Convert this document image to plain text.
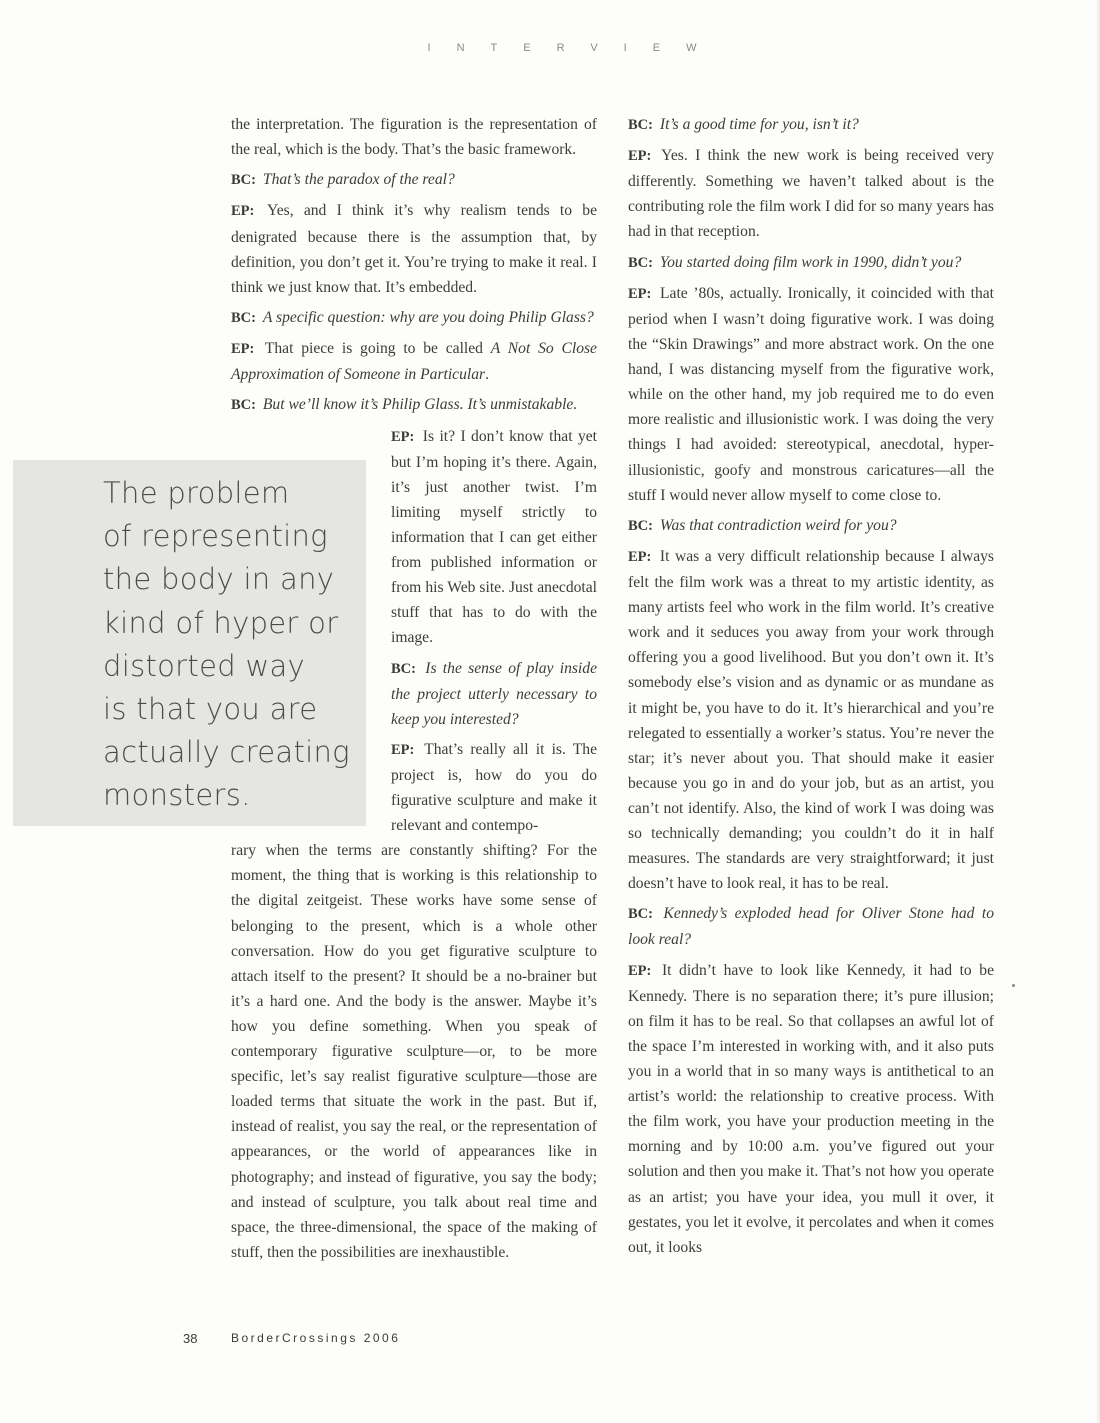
INTERVIEW

the interpretation. The figuration is the representation of the real, which is the body. That’s the basic framework.

BC: That’s the paradox of the real?

EP: Yes, and I think it’s why realism tends to be denigrated because there is the assumption that, by definition, you don’t get it. You’re trying to make it real. I think we just know that. It’s embedded.

BC: A specific question: why are you doing Philip Glass?

EP: That piece is going to be called A Not So Close Approximation of Someone in Particular.

BC: But we’ll know it’s Philip Glass. It’s unmistakable.

EP: Is it? I don’t know that yet but I’m hoping it’s there. Again, it’s just another twist. I’m limiting myself strictly to information that I can get either from published information or from his Web site. Just anecdotal stuff that has to do with the image.

BC: Is the sense of play inside the project utterly necessary to keep you interested?

EP: That’s really all it is. The project is, how do you do figurative sculpture and make it relevant and contempo-

rary when the terms are constantly shifting? For the moment, the thing that is working is this relationship to the digital zeitgeist. These works have some sense of belonging to the present, which is a whole other conversation. How do you get figurative sculpture to attach itself to the present? It should be a no-brainer but it’s a hard one. And the body is the answer. Maybe it’s how you define something. When you speak of contemporary figurative sculpture—or, to be more specific, let’s say realist figurative sculpture—those are loaded terms that situate the work in the past. But if, instead of realist, you say the real, or the representation of appearances, or the world of appearances like in photography; and instead of figurative, you say the body; and instead of sculpture, you talk about real time and space, the three-dimensional, the space of the making of stuff, then the possibilities are inexhaustible.

The problem
of representing
the body in any
kind of hyper or
distorted way
is that you are
actually creating
monsters.

BC: It’s a good time for you, isn’t it?

EP: Yes. I think the new work is being received very differently. Something we haven’t talked about is the contributing role the film work I did for so many years has had in that reception.

BC: You started doing film work in 1990, didn’t you?

EP: Late ’80s, actually. Ironically, it coincided with that period when I wasn’t doing figurative work. I was doing the “Skin Drawings” and more abstract work. On the one hand, I was distancing myself from the figurative work, while on the other hand, my job required me to do even more realistic and illusionistic work. I was doing the very things I had avoided: stereotypical, anecdotal, hyper-illusionistic, goofy and monstrous caricatures—all the stuff I would never allow myself to come close to.

BC: Was that contradiction weird for you?

EP: It was a very difficult relationship because I always felt the film work was a threat to my artistic identity, as many artists feel who work in the film world. It’s creative work and it seduces you away from your work through offering you a good livelihood. But you don’t own it. It’s somebody else’s vision and as dynamic or as mundane as it might be, you have to do it. It’s hierarchical and you’re relegated to essentially a worker’s status. You’re never the star; it’s never about you. That should make it easier because you go in and do your job, but as an artist, you can’t not identify. Also, the kind of work I was doing was so technically demanding; you couldn’t do it in half measures. The standards are very straightforward; it just doesn’t have to look real, it has to be real.

BC: Kennedy’s exploded head for Oliver Stone had to look real?

EP: It didn’t have to look like Kennedy, it had to be Kennedy. There is no separation there; it’s pure illusion; on film it has to be real. So that collapses an awful lot of the space I’m interested in working with, and it also puts you in a world that in so many ways is antithetical to an artist’s world: the relationship to creative process. With the film work, you have your production meeting in the morning and by 10:00 a.m. you’ve figured out your solution and then you make it. That’s not how you operate as an artist; you have your idea, you mull it over, it gestates, you let it evolve, it percolates and when it comes out, it looks

38	BorderCrossings 2006
